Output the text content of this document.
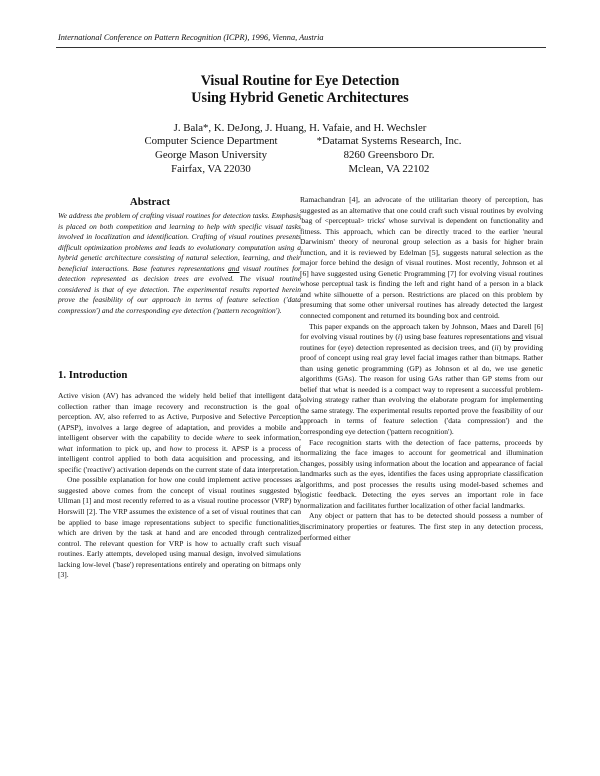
International Conference on Pattern Recognition (ICPR), 1996, Vienna, Austria
Visual Routine for Eye Detection
Using Hybrid Genetic Architectures
J. Bala*, K. DeJong, J. Huang, H. Vafaie, and H. Wechsler
Computer Science Department
George Mason University
Fairfax, VA 22030
*Datamat Systems Research, Inc.
8260 Greensboro Dr.
Mclean, VA 22102
Abstract

We address the problem of crafting visual routines for detection tasks. Emphasis is placed on both competition and learning to help with specific visual tasks involved in localization and identification. Crafting of visual routines presents difficult optimization problems and leads to evolutionary computation using a hybrid genetic architecture consisting of natural selection, learning, and their beneficial interactions. Base features representations and visual routines for detection represented as decision trees are evolved. The visual routine considered is that of eye detection. The experimental results reported herein prove the feasibility of our approach in terms of feature selection ('data compression') and the corresponding eye detection ('pattern recognition').

1. Introduction

Active vision (AV) has advanced the widely held belief that intelligent data collection rather than image recovery and reconstruction is the goal of perception. AV, also referred to as Active, Purposive and Selective Perception (APSP), involves a large degree of adaptation, and provides a mobile and intelligent observer with the capability to decide where to seek information, what information to pick up, and how to process it. APSP is a process of intelligent control applied to both data acquisition and processing, and its specific ('reactive') activation depends on the current state of data interpretation.

One possible explanation for how one could implement active processes as suggested above comes from the concept of visual routines suggested by Ullman [1] and most recently referred to as a visual routine processor (VRP) by Horswill [2]. The VRP assumes the existence of a set of visual routines that can be applied to base image representations subject to specific functionalities, which are driven by the task at hand and are encoded through centralized control. The relevant question for VRP is how to actually craft such visual routines. Early attempts, developed using manual design, involved simulations lacking low-level ('base') representations entirely and operating on bitmaps only [3].

Ramachandran [4], an advocate of the utilitarian theory of perception, has suggested as an alternative that one could craft such visual routines by evolving 'bag of <perceptual> tricks' whose survival is dependent on functionality and fitness. This approach, which can be directly traced to the earlier 'neural Darwinism' theory of neuronal group selection as a basis for higher brain function, and it is reviewed by Edelman [5], suggests natural selection as the major force behind the design of visual routines. Most recently, Johnson et al [6] have suggested using Genetic Programming [7] for evolving visual routines whose perceptual task is finding the left and right hand of a person in a black and white silhouette of a person. Restrictions are placed on this problem by presuming that some other universal routines has already detected the largest connected component and returned its bounding box and centroid.

This paper expands on the approach taken by Johnson, Maes and Darell [6] for evolving visual routines by (i) using base features representations and visual routines for (eye) detection represented as decision trees, and (ii) by providing proof of concept using real gray level facial images rather than bitmaps. Rather than using genetic programming (GP) as Johnson et al do, we use genetic algorithms (GAs). The reason for using GAs rather than GP stems from our belief that what is needed is a compact way to represent a successful problem-solving strategy rather than evolving the elaborate program for implementing the same strategy. The experimental results reported prove the feasibility of our approach in terms of feature selection ('data compression') and the corresponding eye detection ('pattern recognition').

Face recognition starts with the detection of face patterns, proceeds by normalizing the face images to account for geometrical and illumination changes, possibly using information about the location and appearance of facial landmarks such as the eyes, identifies the faces using appropriate classification algorithms, and post processes the results using model-based schemes and logistic feedback. Detecting the eyes serves an important role in face normalization and facilitates further localization of other facial landmarks.

Any object or pattern that has to be detected should possess a number of discriminatory properties or features. The first step in any detection process, performed either
